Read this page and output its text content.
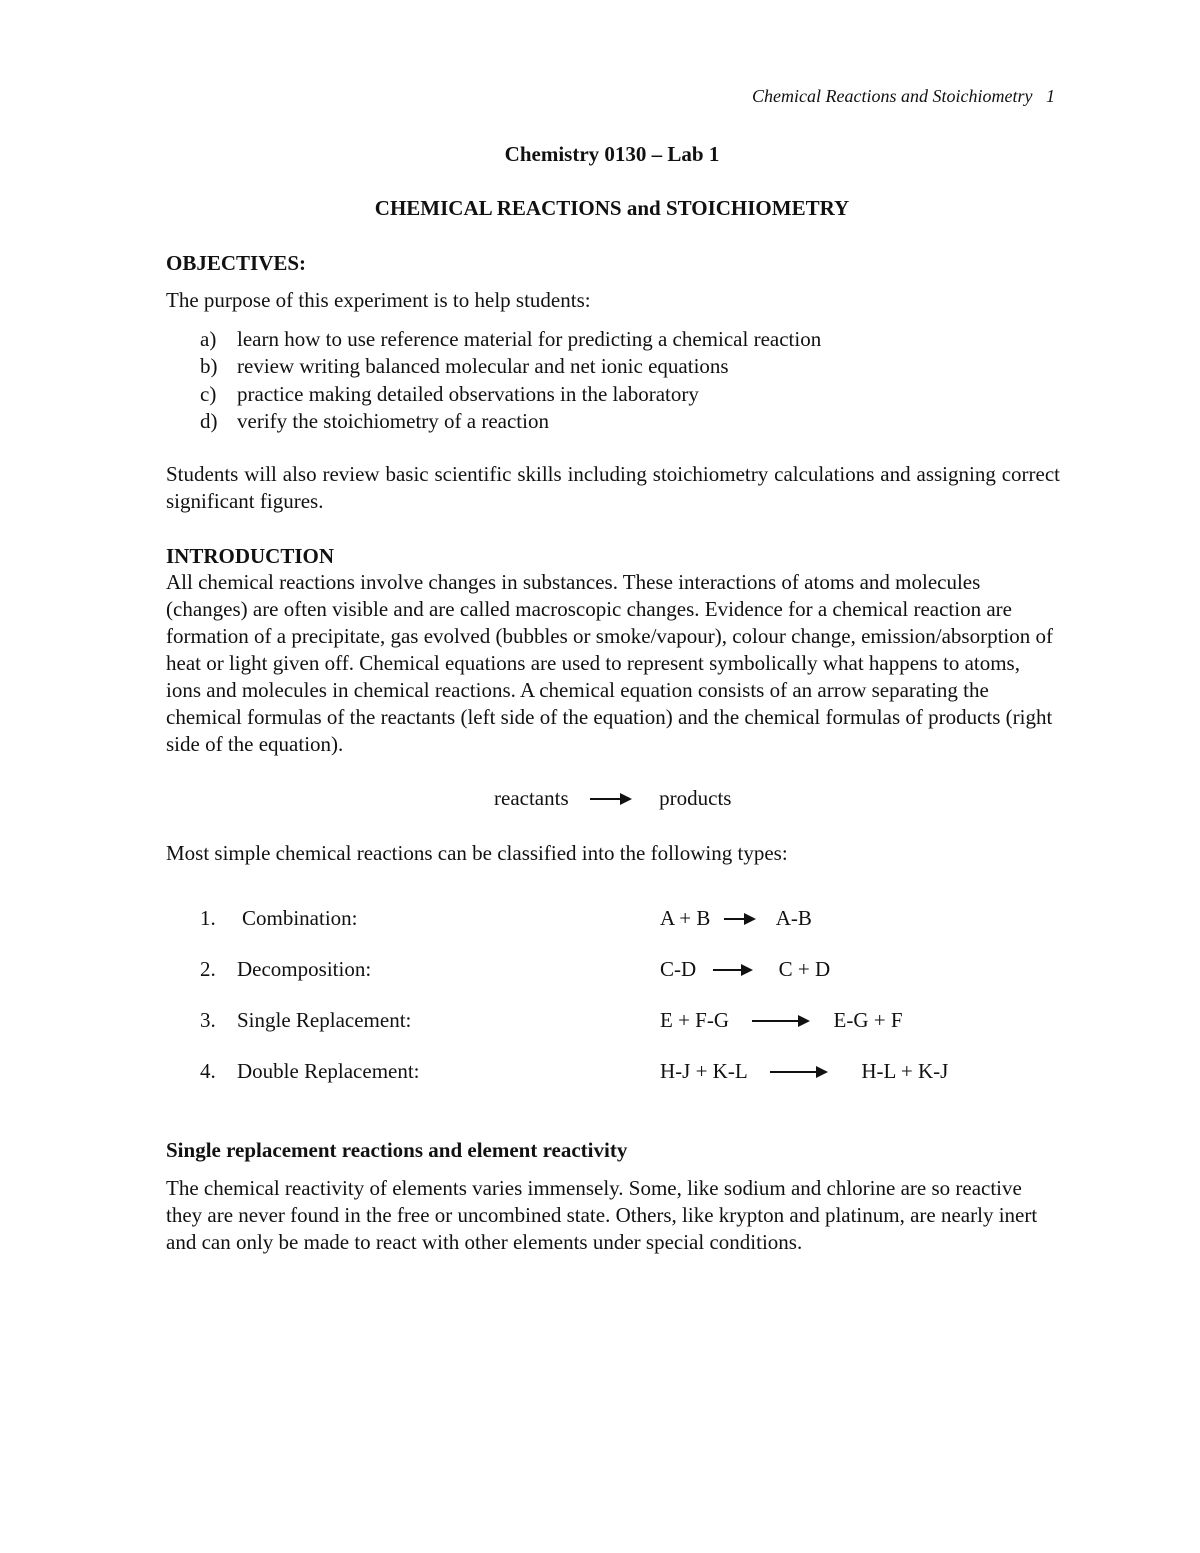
Chemical Reactions and Stoichiometry 1
Chemistry 0130 – Lab 1
CHEMICAL REACTIONS and STOICHIOMETRY
OBJECTIVES:
The purpose of this experiment is to help students:
a) learn how to use reference material for predicting a chemical reaction
b) review writing balanced molecular and net ionic equations
c) practice making detailed observations in the laboratory
d) verify the stoichiometry of a reaction

Students will also review basic scientific skills including stoichiometry calculations and assigning correct significant figures.

INTRODUCTION

All chemical reactions involve changes in substances. These interactions of atoms and molecules (changes) are often visible and are called macroscopic changes. Evidence for a chemical reaction are formation of a precipitate, gas evolved (bubbles or smoke/vapour), colour change, emission/absorption of heat or light given off. Chemical equations are used to represent symbolically what happens to atoms, ions and molecules in chemical reactions. A chemical equation consists of an arrow separating the chemical formulas of the reactants (left side of the equation) and the chemical formulas of products (right side of the equation).

reactants → products
Most simple chemical reactions can be classified into the following types:
1. Combination:	A + B → A-B
2. Decomposition:	C-D → C + D
3. Single Replacement:	E + F-G → E-G + F
4. Double Replacement:	H-J + K-L → H-L + K-J
Single replacement reactions and element reactivity

The chemical reactivity of elements varies immensely. Some, like sodium and chlorine are so reactive they are never found in the free or uncombined state. Others, like krypton and platinum, are nearly inert and can only be made to react with other elements under special conditions.
